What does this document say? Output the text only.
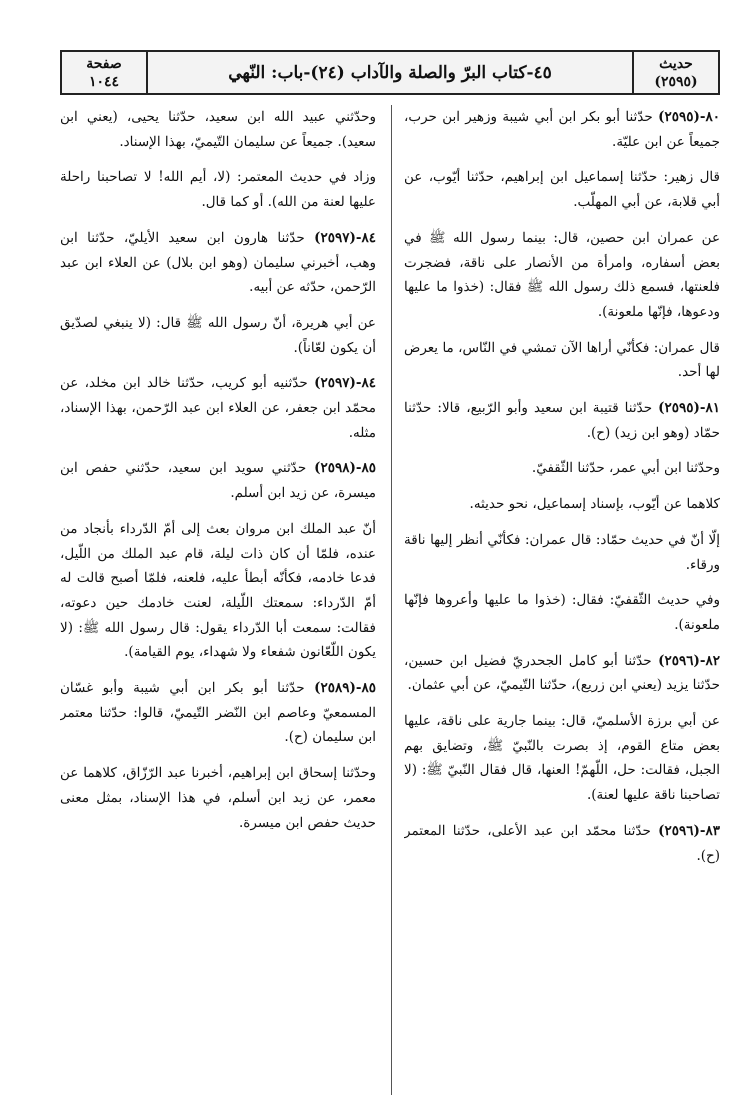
حديث
(٢٥٩٥)
٤٥-كتاب البرّ والصلة والآداب (٢٤)-باب: النّهي
صفحة
١٠٤٤

٨٠-(٢٥٩٥) حدّثنا أبو بكر ابن أبي شيبة وزهير ابن حرب، جميعاً عن ابن عليّة.

قال زهير: حدّثنا إسماعيل ابن إبراهيم، حدّثنا أيّوب، عن أبي قلابة، عن أبي المهلّب.

عن عمران ابن حصين، قال: بينما رسول الله ﷺ في بعض أسفاره، وامرأة من الأنصار على ناقة، فضجرت فلعنتها، فسمع ذلك رسول الله ﷺ فقال: (خذوا ما عليها ودعوها، فإنّها ملعونة).

قال عمران: فكأنّي أراها الآن تمشي في النّاس، ما يعرض لها أحد.

٨١-(٢٥٩٥) حدّثنا قتيبة ابن سعيد وأبو الرّبيع، قالا: حدّثنا حمّاد (وهو ابن زيد) (ح).

وحدّثنا ابن أبي عمر، حدّثنا الثّقفيّ.

كلاهما عن أيّوب، بإسناد إسماعيل، نحو حديثه.

إلّا أنّ في حديث حمّاد: قال عمران: فكأنّي أنظر إليها ناقة ورقاء.

وفي حديث الثّقفيّ: فقال: (خذوا ما عليها وأعروها فإنّها ملعونة).

٨٢-(٢٥٩٦) حدّثنا أبو كامل الجحدريّ فضيل ابن حسين، حدّثنا يزيد (يعني ابن زريع)، حدّثنا التّيميّ، عن أبي عثمان.

عن أبي برزة الأسلميّ، قال: بينما جارية على ناقة، عليها بعض متاع القوم، إذ بصرت بالنّبيّ ﷺ، وتضايق بهم الجبل، فقالت: حل، اللّهمّ! العنها، قال فقال النّبيّ ﷺ: (لا تصاحبنا ناقة عليها لعنة).

٨٣-(٢٥٩٦) حدّثنا محمّد ابن عبد الأعلى، حدّثنا المعتمر (ح).

وحدّثني عبيد الله ابن سعيد، حدّثنا يحيى، (يعني ابن سعيد). جميعاً عن سليمان التّيميّ، بهذا الإسناد.

وزاد في حديث المعتمر: (لا، أيم الله! لا تصاحبنا راحلة عليها لعنة من الله). أو كما قال.

٨٤-(٢٥٩٧) حدّثنا هارون ابن سعيد الأيليّ، حدّثنا ابن وهب، أخبرني سليمان (وهو ابن بلال) عن العلاء ابن عبد الرّحمن، حدّثه عن أبيه.

عن أبي هريرة، أنّ رسول الله ﷺ قال: (لا ينبغي لصدّيق أن يكون لعّاناً).

٨٤-(٢٥٩٧) حدّثنيه أبو كريب، حدّثنا خالد ابن مخلد، عن محمّد ابن جعفر، عن العلاء ابن عبد الرّحمن، بهذا الإسناد، مثله.

٨٥-(٢٥٩٨) حدّثني سويد ابن سعيد، حدّثني حفص ابن ميسرة، عن زيد ابن أسلم.

أنّ عبد الملك ابن مروان بعث إلى أمّ الدّرداء بأنجاد من عنده، فلمّا أن كان ذات ليلة، قام عبد الملك من اللّيل، فدعا خادمه، فكأنّه أبطأ عليه، فلعنه، فلمّا أصبح قالت له أمّ الدّرداء: سمعتك اللّيلة، لعنت خادمك حين دعوته، فقالت: سمعت أبا الدّرداء يقول: قال رسول الله ﷺ: (لا يكون اللّعّانون شفعاء ولا شهداء، يوم القيامة).

٨٥-(٢٥٨٩) حدّثنا أبو بكر ابن أبي شيبة وأبو غسّان المسمعيّ وعاصم ابن النّضر التّيميّ، قالوا: حدّثنا معتمر ابن سليمان (ح).

وحدّثنا إسحاق ابن إبراهيم، أخبرنا عبد الرّزّاق، كلاهما عن معمر، عن زيد ابن أسلم، في هذا الإسناد، بمثل معنى حديث حفص ابن ميسرة.
